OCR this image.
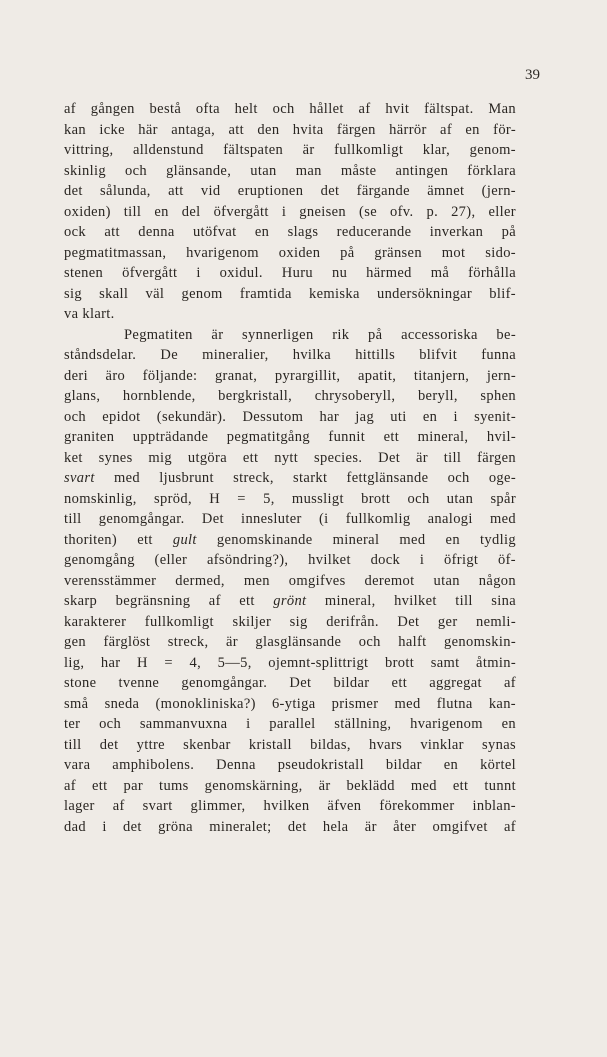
39
af gången bestå ofta helt och hållet af hvit fältspat. Man
kan icke här antaga, att den hvita färgen härrör af en för-
vittring, alldenstund fältspaten är fullkomligt klar, genom-
skinlig och glänsande, utan man måste antingen förklara
det sålunda, att vid eruptionen det färgande ämnet (jern-
oxiden) till en del öfvergått i gneisen (se ofv. p. 27), eller
ock att denna utöfvat en slags reducerande inverkan på
pegmatitmassan, hvarigenom oxiden på gränsen mot sido-
stenen öfvergått i oxidul. Huru nu härmed må förhålla
sig skall väl genom framtida kemiska undersökningar blif-
va klart.
Pegmatiten är synnerligen rik på accessoriska be-
ståndsdelar. De mineralier, hvilka hittills blifvit funna
deri äro följande: granat, pyrargillit, apatit, titanjern, jern-
glans, hornblende, bergkristall, chrysoberyll, beryll, sphen
och epidot (sekundär). Dessutom har jag uti en i syenit-
graniten uppträdande pegmatitgång funnit ett mineral, hvil-
ket synes mig utgöra ett nytt species. Det är till färgen
svart med ljusbrunt streck, starkt fettglänsande och oge-
nomskinlig, spröd, H = 5, mussligt brott och utan spår
till genomgångar. Det innesluter (i fullkomlig analogi med
thoriten) ett gult genomskinande mineral med en tydlig
genomgång (eller afsöndring?), hvilket dock i öfrigt öf-
verensstämmer dermed, men omgifves deremot utan någon
skarp begränsning af ett grönt mineral, hvilket till sina
karakterer fullkomligt skiljer sig derifrån. Det ger nemli-
gen färglöst streck, är glasglänsande och halft genomskin-
lig, har H = 4, 5—5, ojemnt-splittrigt brott samt åtmin-
stone tvenne genomgångar. Det bildar ett aggregat af
små sneda (monokliniska?) 6-ytiga prismer med flutna kan-
ter och sammanvuxna i parallel ställning, hvarigenom en
till det yttre skenbar kristall bildas, hvars vinklar synas
vara amphibolens. Denna pseudokristall bildar en körtel
af ett par tums genomskärning, är beklädd med ett tunnt
lager af svart glimmer, hvilken äfven förekommer inblan-
dad i det gröna mineralet; det hela är åter omgifvet af
